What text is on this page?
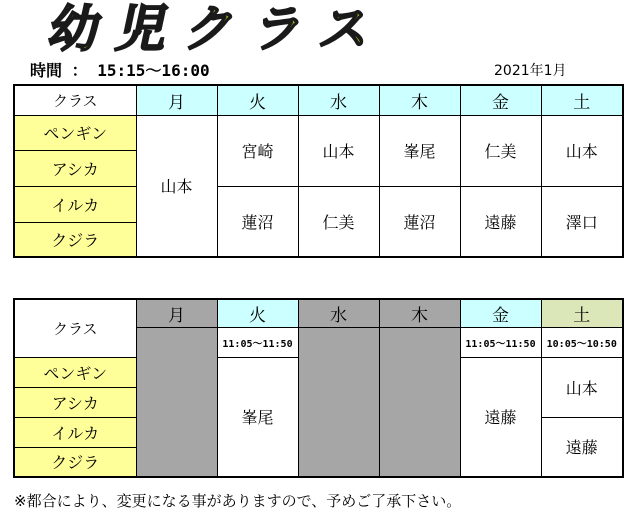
幼児クラス
時間 ： 15:15〜16:00	2021年1月
クラス	月	火	水	木	金	土
ペンギン	山本	宮崎	山本	峯尾	仁美	山本
アシカ						
イルカ		蓮沼	仁美	蓮沼	遠藤	澤口
クジラ						
クラス	月	火	水	木	金	土
		11:05〜11:50			11:05〜11:50	10:05〜10:50
ペンギン		峯尾			遠藤	山本
アシカ						
イルカ						遠藤
クジラ						
※都合により、変更になる事がありますので、予めご了承下さい。
